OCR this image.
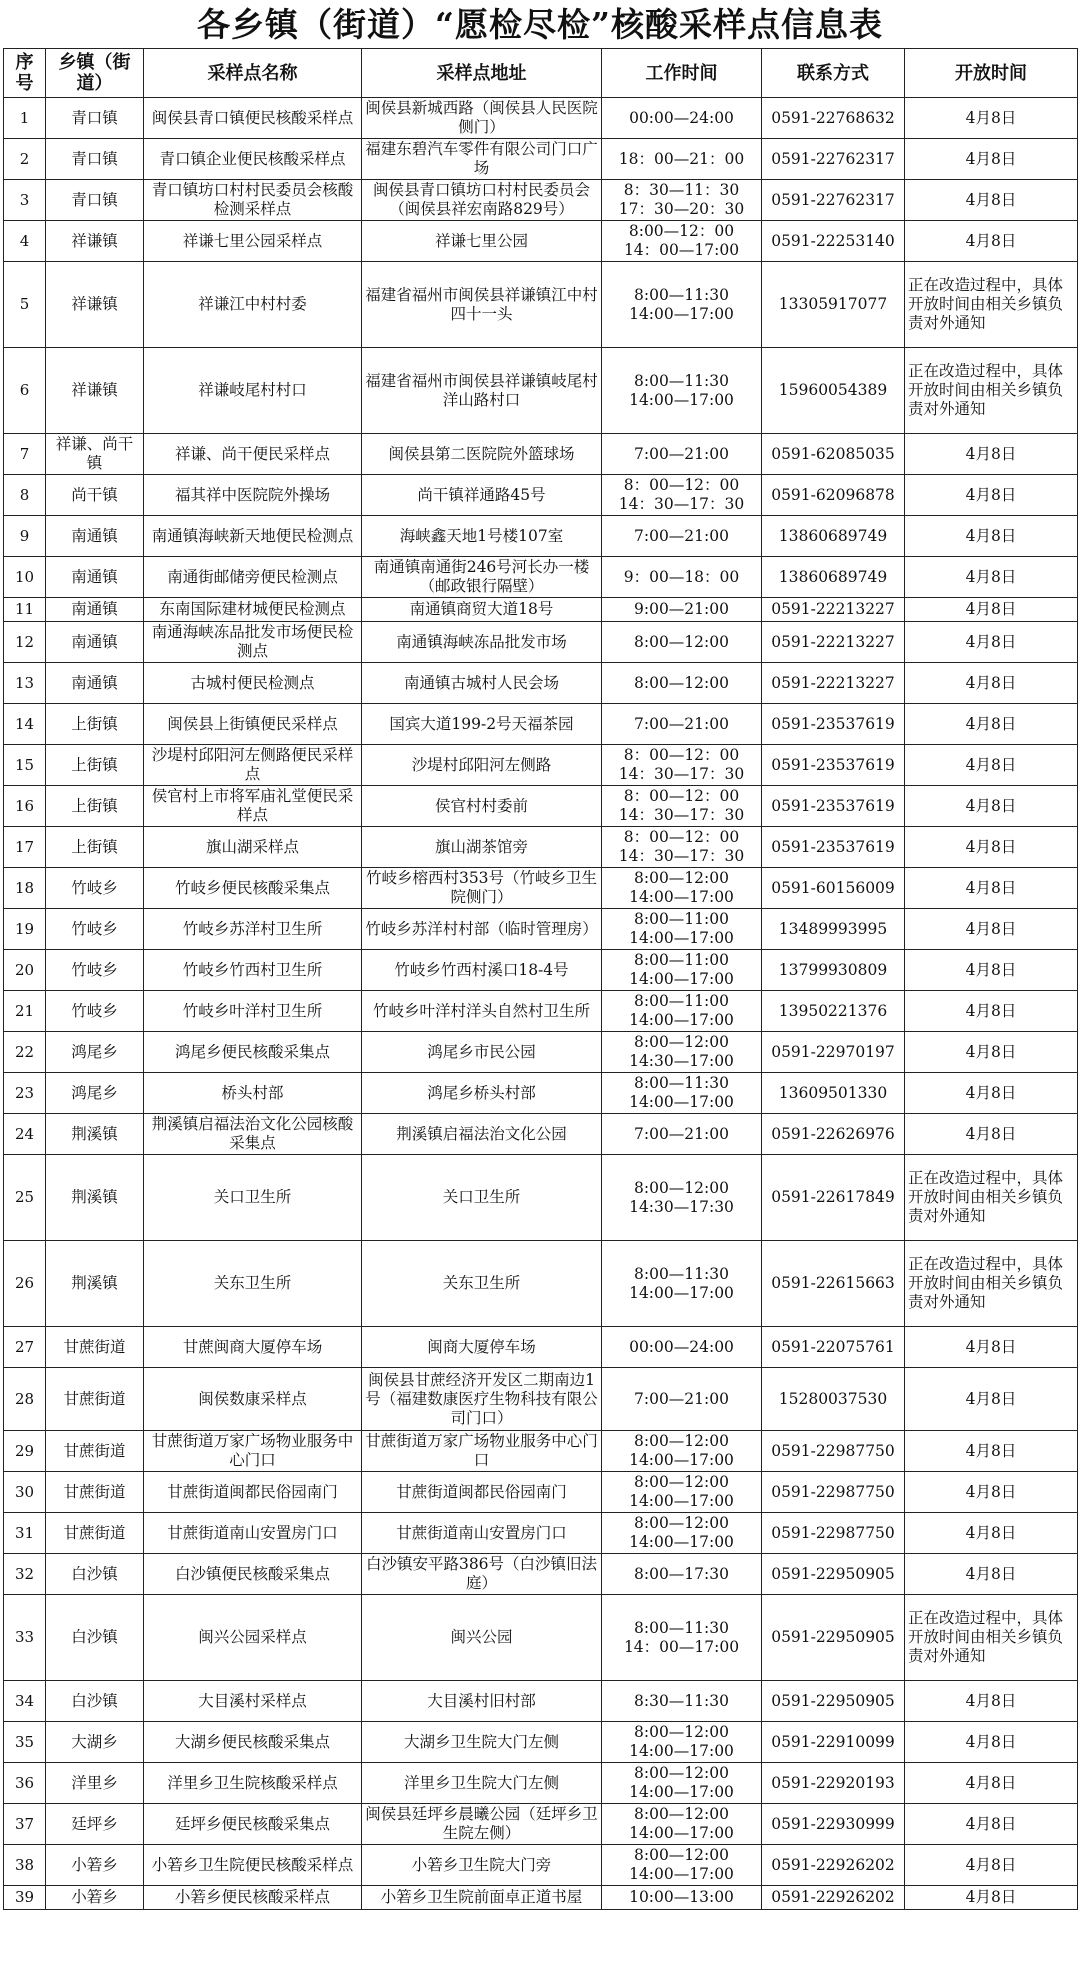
各乡镇（街道）“愿检尽检”核酸采样点信息表
序号	乡镇（街道）	采样点名称	采样点地址	工作时间	联系方式	开放时间
1	青口镇	闽侯县青口镇便民核酸采样点	闽侯县新城西路（闽侯县人民医院侧门）	00:00—24:00	0591-22768632	4月8日
2	青口镇	青口镇企业便民核酸采样点	福建东碧汽车零件有限公司门口广场	18：00—21：00	0591-22762317	4月8日
3	青口镇	青口镇坊口村村民委员会核酸检测采样点	闽侯县青口镇坊口村村民委员会（闽侯县祥宏南路829号）	8：30—11：30
17：30—20：30	0591-22762317	4月8日
4	祥谦镇	祥谦七里公园采样点	祥谦七里公园	8:00—12：00
14：00—17:00	0591-22253140	4月8日
5	祥谦镇	祥谦江中村村委	福建省福州市闽侯县祥谦镇江中村四十一头	8:00—11:30
14:00—17:00	13305917077	正在改造过程中，具体开放时间由相关乡镇负责对外通知
6	祥谦镇	祥谦岐尾村村口	福建省福州市闽侯县祥谦镇岐尾村洋山路村口	8:00—11:30
14:00—17:00	15960054389	正在改造过程中，具体开放时间由相关乡镇负责对外通知
7	祥谦、尚干镇	祥谦、尚干便民采样点	闽侯县第二医院院外篮球场	7:00—21:00	0591-62085035	4月8日
8	尚干镇	福其祥中医院院外操场	尚干镇祥通路45号	8：00—12：00
14：30—17：30	0591-62096878	4月8日
9	南通镇	南通镇海峡新天地便民检测点	海峡鑫天地1号楼107室	7:00—21:00	13860689749	4月8日
10	南通镇	南通街邮储旁便民检测点	南通镇南通街246号河长办一楼（邮政银行隔壁）	9：00—18：00	13860689749	4月8日
11	南通镇	东南国际建材城便民检测点	南通镇商贸大道18号	9:00—21:00	0591-22213227	4月8日
12	南通镇	南通海峡冻品批发市场便民检测点	南通镇海峡冻品批发市场	8:00—12:00	0591-22213227	4月8日
13	南通镇	古城村便民检测点	南通镇古城村人民会场	8:00—12:00	0591-22213227	4月8日
14	上街镇	闽侯县上街镇便民采样点	国宾大道199-2号天福茶园	7:00—21:00	0591-23537619	4月8日
15	上街镇	沙堤村邱阳河左侧路便民采样点	沙堤村邱阳河左侧路	8：00—12：00
14：30—17：30	0591-23537619	4月8日
16	上街镇	侯官村上市将军庙礼堂便民采样点	侯官村村委前	8：00—12：00
14：30—17：30	0591-23537619	4月8日
17	上街镇	旗山湖采样点	旗山湖茶馆旁	8：00—12：00
14：30—17：30	0591-23537619	4月8日
18	竹岐乡	竹岐乡便民核酸采集点	竹岐乡榕西村353号（竹岐乡卫生院侧门）	8:00—12:00
14:00—17:00	0591-60156009	4月8日
19	竹岐乡	竹岐乡苏洋村卫生所	竹岐乡苏洋村村部（临时管理房）	8:00—11:00
14:00—17:00	13489993995	4月8日
20	竹岐乡	竹岐乡竹西村卫生所	竹岐乡竹西村溪口18-4号	8:00—11:00
14:00—17:00	13799930809	4月8日
21	竹岐乡	竹岐乡叶洋村卫生所	竹岐乡叶洋村洋头自然村卫生所	8:00—11:00
14:00—17:00	13950221376	4月8日
22	鸿尾乡	鸿尾乡便民核酸采集点	鸿尾乡市民公园	8:00—12:00
14:30—17:00	0591-22970197	4月8日
23	鸿尾乡	桥头村部	鸿尾乡桥头村部	8:00—11:30
14:00—17:00	13609501330	4月8日
24	荆溪镇	荆溪镇启福法治文化公园核酸采集点	荆溪镇启福法治文化公园	7:00—21:00	0591-22626976	4月8日
25	荆溪镇	关口卫生所	关口卫生所	8:00—12:00
14:30—17:30	0591-22617849	正在改造过程中，具体开放时间由相关乡镇负责对外通知
26	荆溪镇	关东卫生所	关东卫生所	8:00—11:30
14:00—17:00	0591-22615663	正在改造过程中，具体开放时间由相关乡镇负责对外通知
27	甘蔗街道	甘蔗闽商大厦停车场	闽商大厦停车场	00:00—24:00	0591-22075761	4月8日
28	甘蔗街道	闽侯数康采样点	闽侯县甘蔗经济开发区二期南边1号（福建数康医疗生物科技有限公司门口）	7:00—21:00	15280037530	4月8日
29	甘蔗街道	甘蔗街道万家广场物业服务中心门口	甘蔗街道万家广场物业服务中心门口	8:00—12:00
14:00—17:00	0591-22987750	4月8日
30	甘蔗街道	甘蔗街道闽都民俗园南门	甘蔗街道闽都民俗园南门	8:00—12:00
14:00—17:00	0591-22987750	4月8日
31	甘蔗街道	甘蔗街道南山安置房门口	甘蔗街道南山安置房门口	8:00—12:00
14:00—17:00	0591-22987750	4月8日
32	白沙镇	白沙镇便民核酸采集点	白沙镇安平路386号（白沙镇旧法庭）	8:00—17:30	0591-22950905	4月8日
33	白沙镇	闽兴公园采样点	闽兴公园	8:00—11:30
14：00—17:00	0591-22950905	正在改造过程中，具体开放时间由相关乡镇负责对外通知
34	白沙镇	大目溪村采样点	大目溪村旧村部	8:30—11:30	0591-22950905	4月8日
35	大湖乡	大湖乡便民核酸采集点	大湖乡卫生院大门左侧	8:00—12:00
14:00—17:00	0591-22910099	4月8日
36	洋里乡	洋里乡卫生院核酸采样点	洋里乡卫生院大门左侧	8:00—12:00
14:00—17:00	0591-22920193	4月8日
37	廷坪乡	廷坪乡便民核酸采集点	闽侯县廷坪乡晨曦公园（廷坪乡卫生院左侧）	8:00—12:00
14:00—17:00	0591-22930999	4月8日
38	小箬乡	小箬乡卫生院便民核酸采样点	小箬乡卫生院大门旁	8:00—12:00
14:00—17:00	0591-22926202	4月8日
39	小箬乡	小箬乡便民核酸采样点	小箬乡卫生院前面卓正道书屋	10:00—13:00	0591-22926202	4月8日
